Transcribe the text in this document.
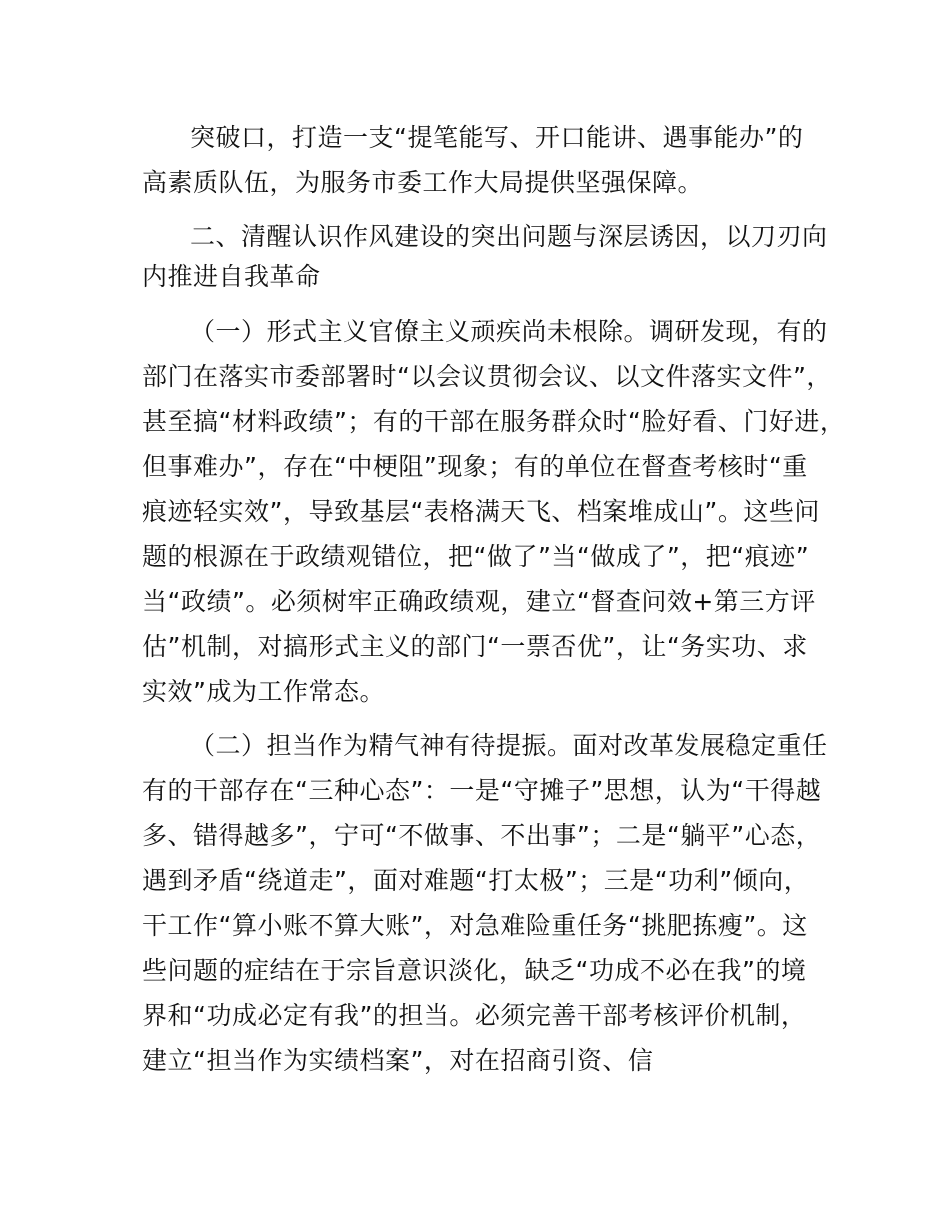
突破口，打造一支“提笔能写、开口能讲、遇事能办”的

高素质队伍，为服务市委工作大局提供坚强保障。

二、清醒认识作风建设的突出问题与深层诱因，以刀刃向

内推进自我革命

（一）形式主义官僚主义顽疾尚未根除。调研发现，有的

部门在落实市委部署时“以会议贯彻会议、以文件落实文件”，

甚至搞“材料政绩”；有的干部在服务群众时“脸好看、门好进，

但事难办”，存在“中梗阻”现象；有的单位在督查考核时“重

痕迹轻实效”，导致基层“表格满天飞、档案堆成山”。这些问

题的根源在于政绩观错位，把“做了”当“做成了”，把“痕迹”

当“政绩”。必须树牢正确政绩观，建立“督查问效+第三方评

估”机制，对搞形式主义的部门“一票否优”，让“务实功、求

实效”成为工作常态。

（二）担当作为精气神有待提振。面对改革发展稳定重任

有的干部存在“三种心态”：一是“守摊子”思想，认为“干得越

多、错得越多”，宁可“不做事、不出事”；二是“躺平”心态，

遇到矛盾“绕道走”，面对难题“打太极”；三是“功利”倾向，

干工作“算小账不算大账”，对急难险重任务“挑肥拣瘦”。这

些问题的症结在于宗旨意识淡化，缺乏“功成不必在我”的境

界和“功成必定有我”的担当。必须完善干部考核评价机制，

建立“担当作为实绩档案”，对在招商引资、信
